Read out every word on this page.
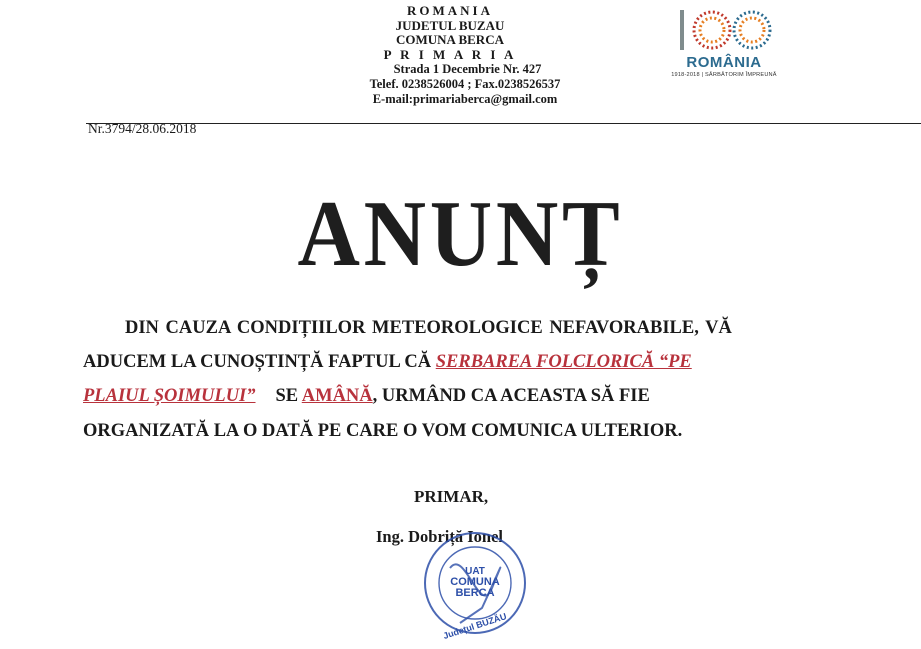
ROMANIA
JUDETUL BUZAU
COMUNA BERCA
P R I M A R I A
Strada 1 Decembrie Nr. 427
Telef. 0238526004 ; Fax.0238526537
E-mail:primariaberca@gmail.com
100
ROMÂNIA
1918-2018 | SĂRBĂTORIM ÎMPREUNĂ
Nr.3794/28.06.2018
ANUNȚ
DIN CAUZA CONDIȚIILOR METEOROLOGICE NEFAVORABILE, VĂ
ADUCEM LA CUNOȘTINȚĂ FAPTUL CĂ SERBAREA FOLCLORICĂ “PE
PLAIUL ȘOIMULUI” SE AMÂNĂ, URMÂND CA ACEASTA SĂ FIE
ORGANIZATĂ LA O DATĂ PE CARE O VOM COMUNICA ULTERIOR.
PRIMAR,
Ing. Dobriță Ionel
UAT
COMUNA
BERCA
Județul BUZĂU
